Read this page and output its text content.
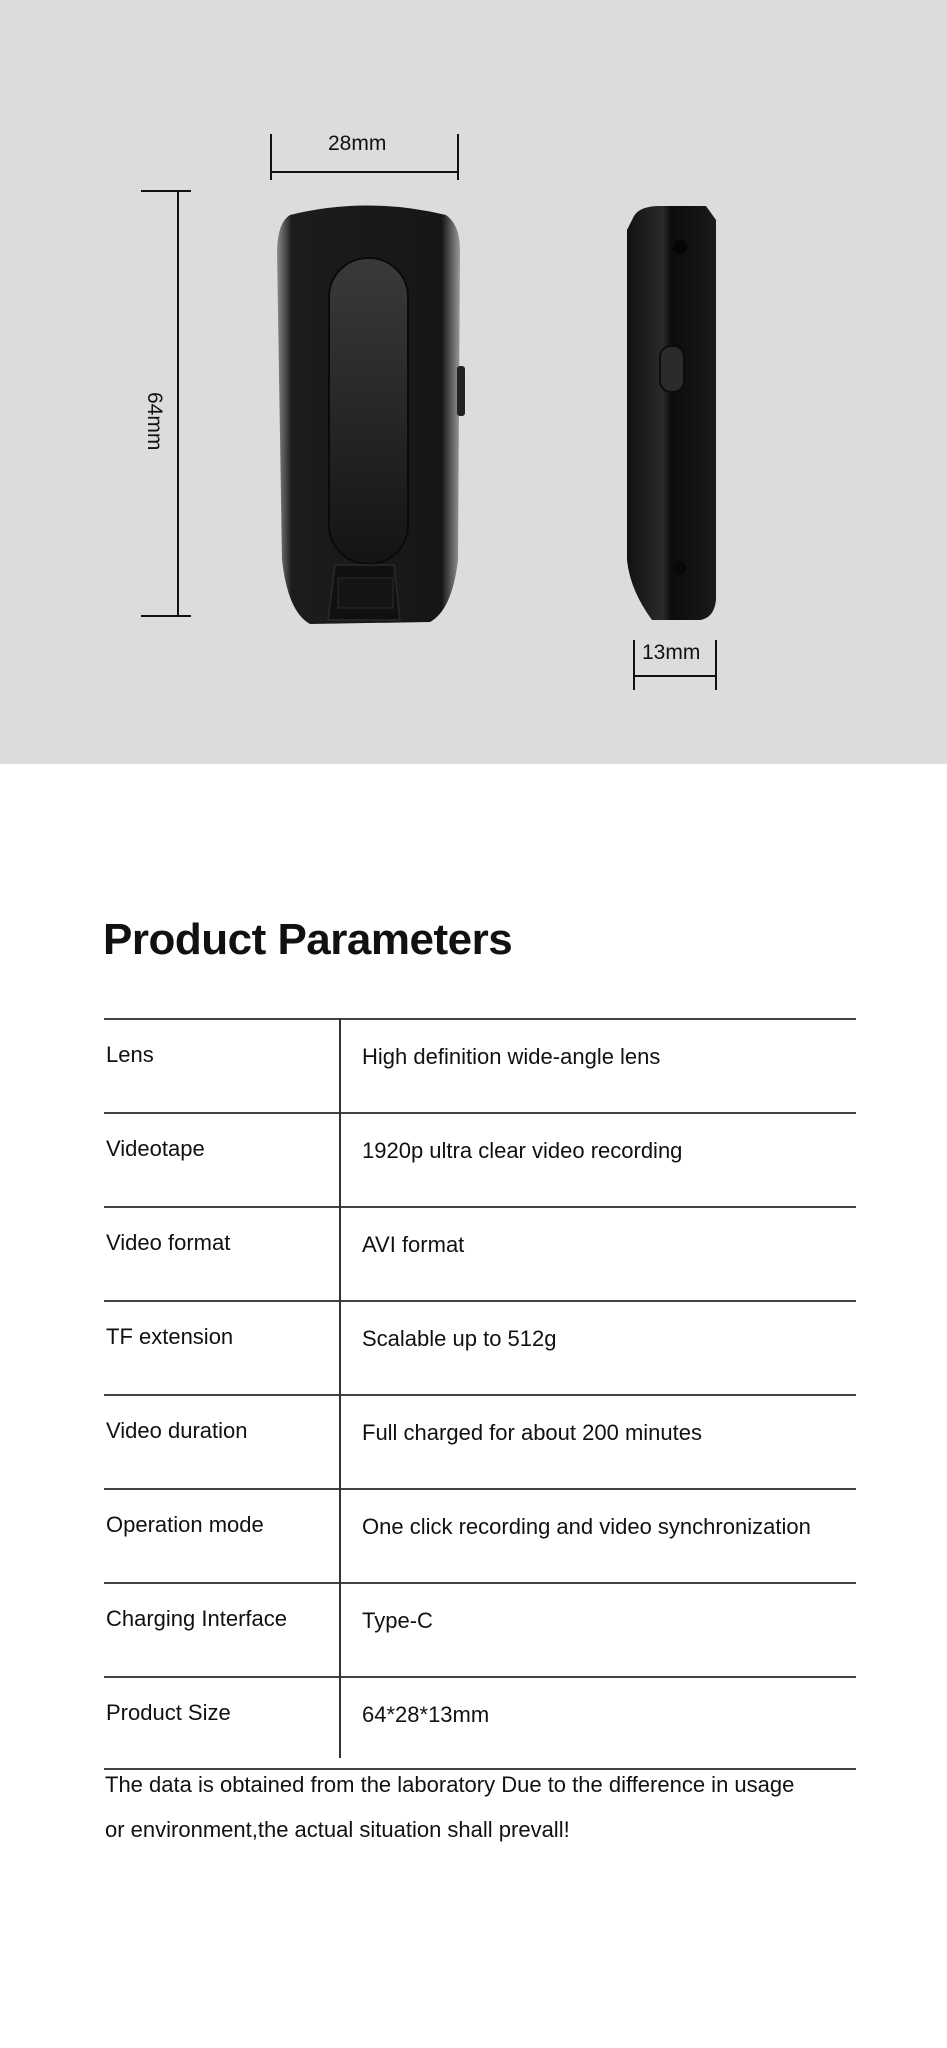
28mm
64mm
13mm
Product Parameters
Lens	High definition wide-angle lens
Videotape	1920p ultra clear video recording
Video format	AVI format
TF extension	Scalable up to 512g
Video duration	Full charged for about 200 minutes
Operation mode	One click recording and video synchronization
Charging Interface	Type-C
Product Size	64*28*13mm

The data is obtained from the laboratory Due to the difference in usage or environment,the actual situation shall prevall!
